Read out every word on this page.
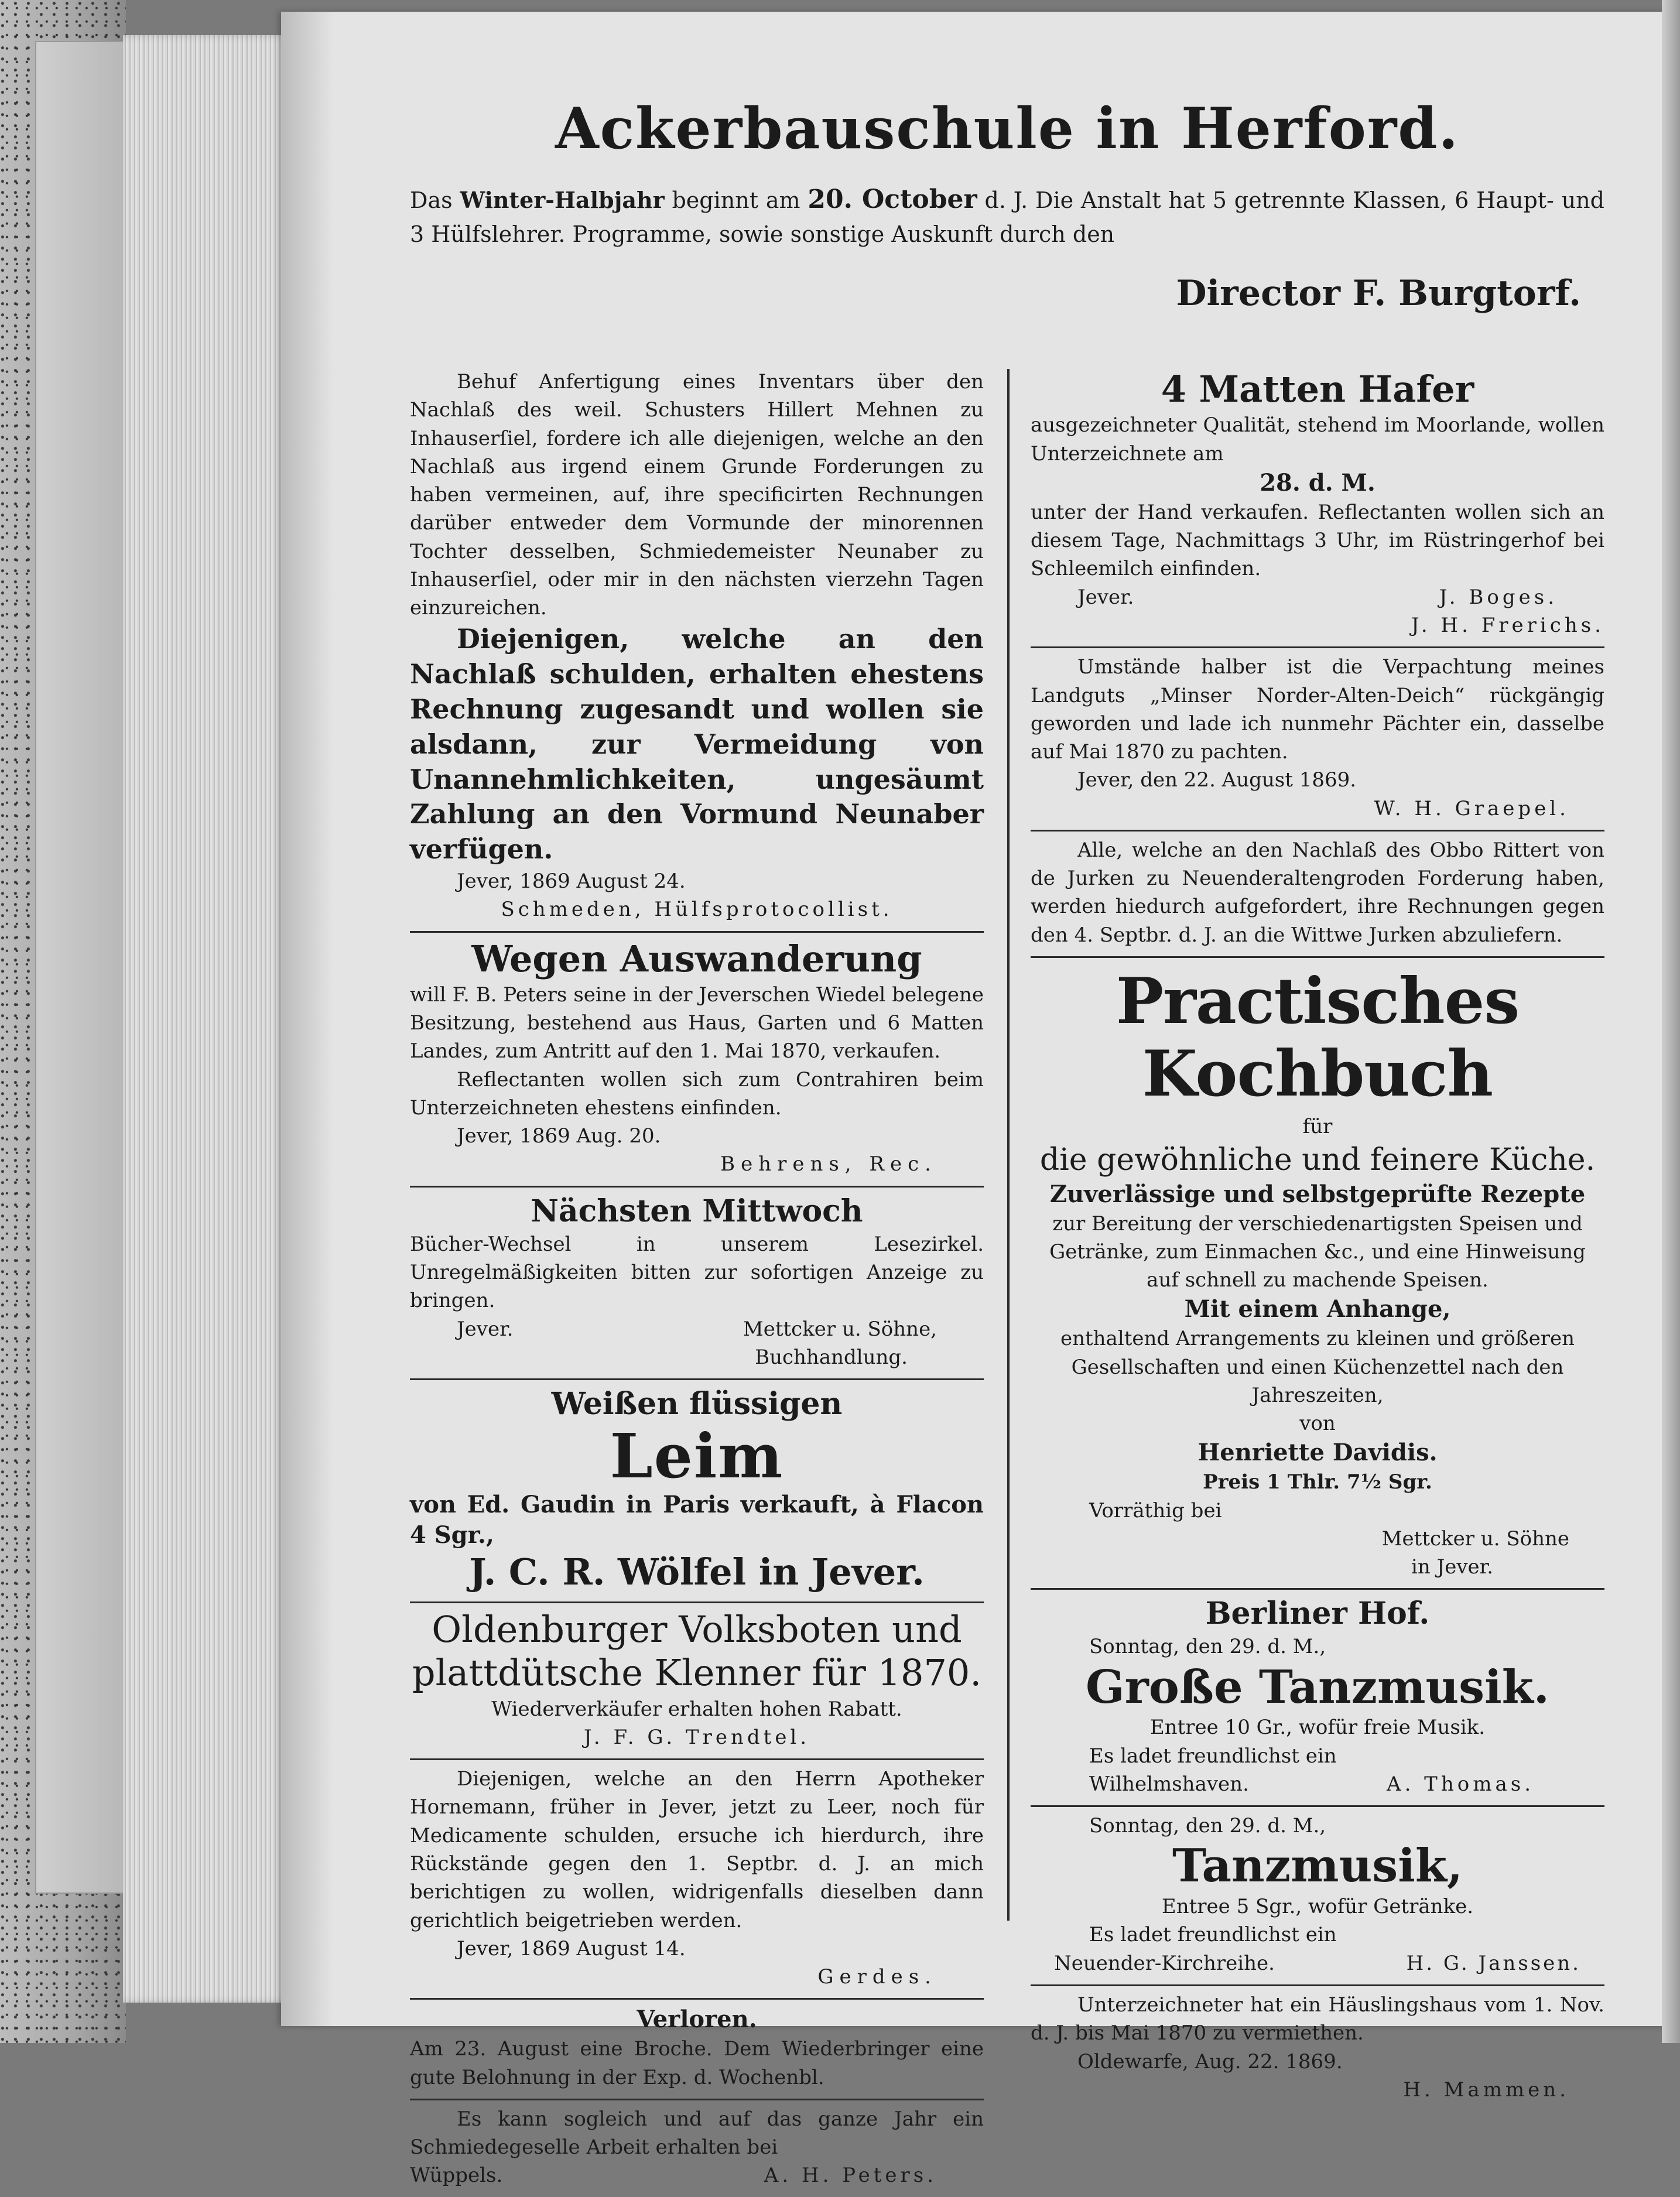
Ackerbauschule in Herford.

Das Winter-Halbjahr beginnt am 20. October d. J. Die Anstalt hat 5 getrennte Klassen, 6 Haupt- und 3 Hülfslehrer. Programme, sowie sonstige Auskunft durch den

Director F. Burgtorf.

Behuf Anfertigung eines Inventars über den Nachlaß des weil. Schusters Hillert Mehnen zu Inhauserſiel, fordere ich alle diejenigen, welche an den Nachlaß aus irgend einem Grunde Forderungen zu haben vermeinen, auf, ihre specificirten Rechnungen darüber entweder dem Vormunde der minorennen Tochter desselben, Schmiedemeister Neunaber zu Inhauserſiel, oder mir in den nächsten vierzehn Tagen einzureichen.

Diejenigen, welche an den Nachlaß schulden, erhalten ehestens Rechnung zugesandt und wollen sie alsdann, zur Vermeidung von Unannehmlichkeiten, ungesäumt Zahlung an den Vormund Neunaber verfügen.

Jever, 1869 August 24.

Schmeden, Hülfsprotocollist.

Wegen Auswanderung

will F. B. Peters seine in der Jeverschen Wiedel belegene Besitzung, bestehend aus Haus, Garten und 6 Matten Landes, zum Antritt auf den 1. Mai 1870, verkaufen.

Reflectanten wollen sich zum Contrahiren beim Unterzeichneten ehestens einfinden.

Jever, 1869 Aug. 20.

Behrens, Rec.

Nächsten Mittwoch

Bücher-Wechsel in unserem Lesezirkel. Unregelmäßigkeiten bitten zur sofortigen Anzeige zu bringen.

Jever.	Mettcker u. Söhne,

Buchhandlung.

Weißen flüssigen

Leim

von Ed. Gaudin in Paris verkauft, à Flacon 4 Sgr.,

J. C. R. Wölfel in Jever.

Oldenburger Volksboten und plattdütsche Klenner für 1870.

Wiederverkäufer erhalten hohen Rabatt.

J. F. G. Trendtel.

Diejenigen, welche an den Herrn Apotheker Hornemann, früher in Jever, jetzt zu Leer, noch für Medicamente schulden, ersuche ich hierdurch, ihre Rückstände gegen den 1. Septbr. d. J. an mich berichtigen zu wollen, widrigenfalls dieselben dann gerichtlich beigetrieben werden.

Jever, 1869 August 14.

Gerdes.

Verloren.

Am 23. August eine Broche. Dem Wiederbringer eine gute Belohnung in der Exp. d. Wochenbl.

Es kann sogleich und auf das ganze Jahr ein Schmiedegeselle Arbeit erhalten bei

Wüppels.	A. H. Peters.

4 Matten Hafer

ausgezeichneter Qualität, stehend im Moorlande, wollen Unterzeichnete am

28. d. M.

unter der Hand verkaufen. Reflectanten wollen sich an diesem Tage, Nachmittags 3 Uhr, im Rüstringerhof bei Schleemilch einfinden.

Jever.	J. Boges.

J. H. Frerichs.

Umstände halber ist die Verpachtung meines Landguts „Minser Norder-Alten-Deich“ rückgängig geworden und lade ich nunmehr Pächter ein, dasselbe auf Mai 1870 zu pachten.

Jever, den 22. August 1869.

W. H. Graepel.

Alle, welche an den Nachlaß des Obbo Rittert von de Jurken zu Neuenderaltengroden Forderung haben, werden hiedurch aufgefordert, ihre Rechnungen gegen den 4. Septbr. d. J. an die Wittwe Jurken abzuliefern.

Practisches Kochbuch

für

die gewöhnliche und feinere Küche.

Zuverlässige und selbstgeprüfte Rezepte

zur Bereitung der verschiedenartigsten Speisen und Getränke, zum Einmachen &c., und eine Hinweisung auf schnell zu machende Speisen.

Mit einem Anhange,

enthaltend Arrangements zu kleinen und größeren Gesellschaften und einen Küchenzettel nach den Jahreszeiten,

von

Henriette Davidis.

Preis 1 Thlr. 7½ Sgr.

Vorräthig bei

Mettcker u. Söhne

in Jever.

Berliner Hof.

Sonntag, den 29. d. M.,

Große Tanzmusik.

Entree 10 Gr., wofür freie Musik.

Es ladet freundlichst ein

Wilhelmshaven.	A. Thomas.

Sonntag, den 29. d. M.,

Tanzmusik,

Entree 5 Sgr., wofür Getränke.

Es ladet freundlichst ein

Neuender-Kirchreihe.	H. G. Janssen.

Unterzeichneter hat ein Häuslingshaus vom 1. Nov. d. J. bis Mai 1870 zu vermiethen.

Oldewarfe, Aug. 22. 1869.

H. Mammen.
